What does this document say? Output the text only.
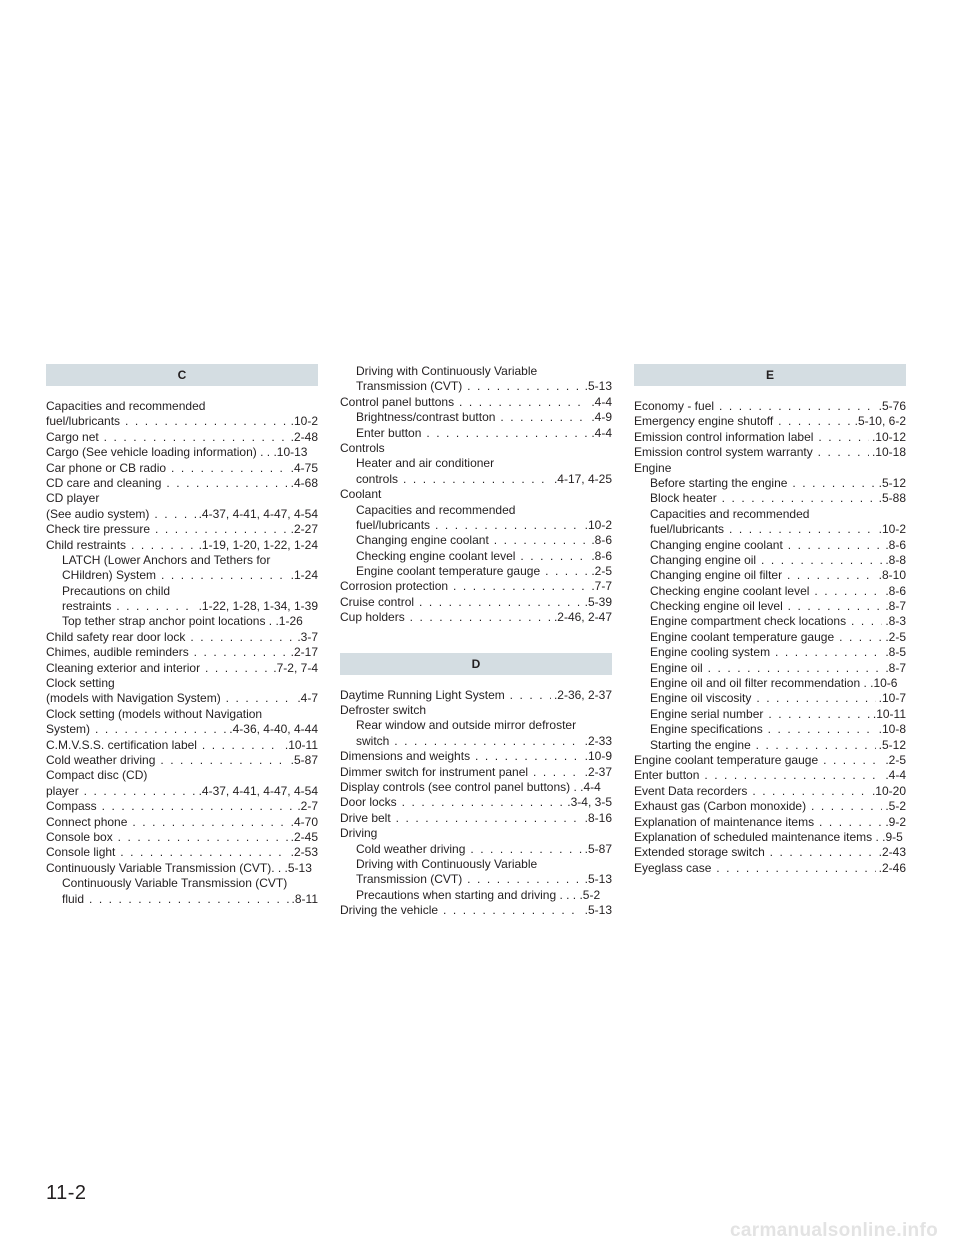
C
Capacities and recommended
.10-2
fuel/lubricants . . .
.2-48
Cargo net . . .
Cargo (See vehicle loading information) . . .10-13
.4-75
Car phone or CB radio . . .
.4-68
CD care and cleaning . . .
CD player
.4-37, 4-41, 4-47, 4-54
(See audio system) . . .
.2-27
Check tire pressure . . .
.1-19, 1-20, 1-22, 1-24
Child restraints . . .
LATCH (Lower Anchors and Tethers for
.1-24
CHildren) System . . .
Precautions on child
.1-22, 1-28, 1-34, 1-39
restraints . . .
Top tether strap anchor point locations . .1-26
.3-7
Child safety rear door lock . . .
.2-17
Chimes, audible reminders . . .
.7-2, 7-4
Cleaning exterior and interior . . .
Clock setting
.4-7
(models with Navigation System) . . .
Clock setting (models without Navigation
.4-36, 4-40, 4-44
System) . . .
.10-11
C.M.V.S.S. certification label . . .
.5-87
Cold weather driving . . .
Compact disc (CD)
.4-37, 4-41, 4-47, 4-54
player . . .
.2-7
Compass . . .
.4-70
Connect phone . . .
.2-45
Console box . . .
.2-53
Console light . . .
Continuously Variable Transmission (CVT). . .5-13
Continuously Variable Transmission (CVT)
.8-11
fluid . . .
Driving with Continuously Variable
.5-13
Transmission (CVT) . . .
.4-4
Control panel buttons . . .
.4-9
Brightness/contrast button . . .
.4-4
Enter button . . .
Controls
Heater and air conditioner
.4-17, 4-25
controls . . .
Coolant
Capacities and recommended
.10-2
fuel/lubricants . . .
.8-6
Changing engine coolant . . .
.8-6
Checking engine coolant level . . .
.2-5
Engine coolant temperature gauge . . .
.7-7
Corrosion protection . . .
.5-39
Cruise control . . .
.2-46, 2-47
Cup holders . . .
D
.2-36, 2-37
Daytime Running Light System . . .
Defroster switch
Rear window and outside mirror defroster
.2-33
switch . . .
.10-9
Dimensions and weights . . .
.2-37
Dimmer switch for instrument panel . . .
Display controls (see control panel buttons) . .4-4
.3-4, 3-5
Door locks . . .
.8-16
Drive belt . . .
Driving
.5-87
Cold weather driving . . .
Driving with Continuously Variable
.5-13
Transmission (CVT) . . .
Precautions when starting and driving . . . .5-2
.5-13
Driving the vehicle . . .
E
.5-76
Economy - fuel . . .
.5-10, 6-2
Emergency engine shutoff . . .
.10-12
Emission control information label . . .
.10-18
Emission control system warranty . . .
Engine
.5-12
Before starting the engine . . .
.5-88
Block heater . . .
Capacities and recommended
.10-2
fuel/lubricants . . .
.8-6
Changing engine coolant . . .
.8-8
Changing engine oil . . .
.8-10
Changing engine oil filter . . .
.8-6
Checking engine coolant level . . .
.8-7
Checking engine oil level . . .
.8-3
Engine compartment check locations . . .
.2-5
Engine coolant temperature gauge . . .
.8-5
Engine cooling system . . .
.8-7
Engine oil . . .
Engine oil and oil filter recommendation . .10-6
.10-7
Engine oil viscosity . . .
.10-11
Engine serial number . . .
.10-8
Engine specifications . . .
.5-12
Starting the engine . . .
.2-5
Engine coolant temperature gauge . . .
.4-4
Enter button . . .
.10-20
Event Data recorders . . .
.5-2
Exhaust gas (Carbon monoxide) . . .
.9-2
Explanation of maintenance items . . .
Explanation of scheduled maintenance items . .9-5
.2-43
Extended storage switch . . .
.2-46
Eyeglass case . . .
11-2
carmanualsonline.info
